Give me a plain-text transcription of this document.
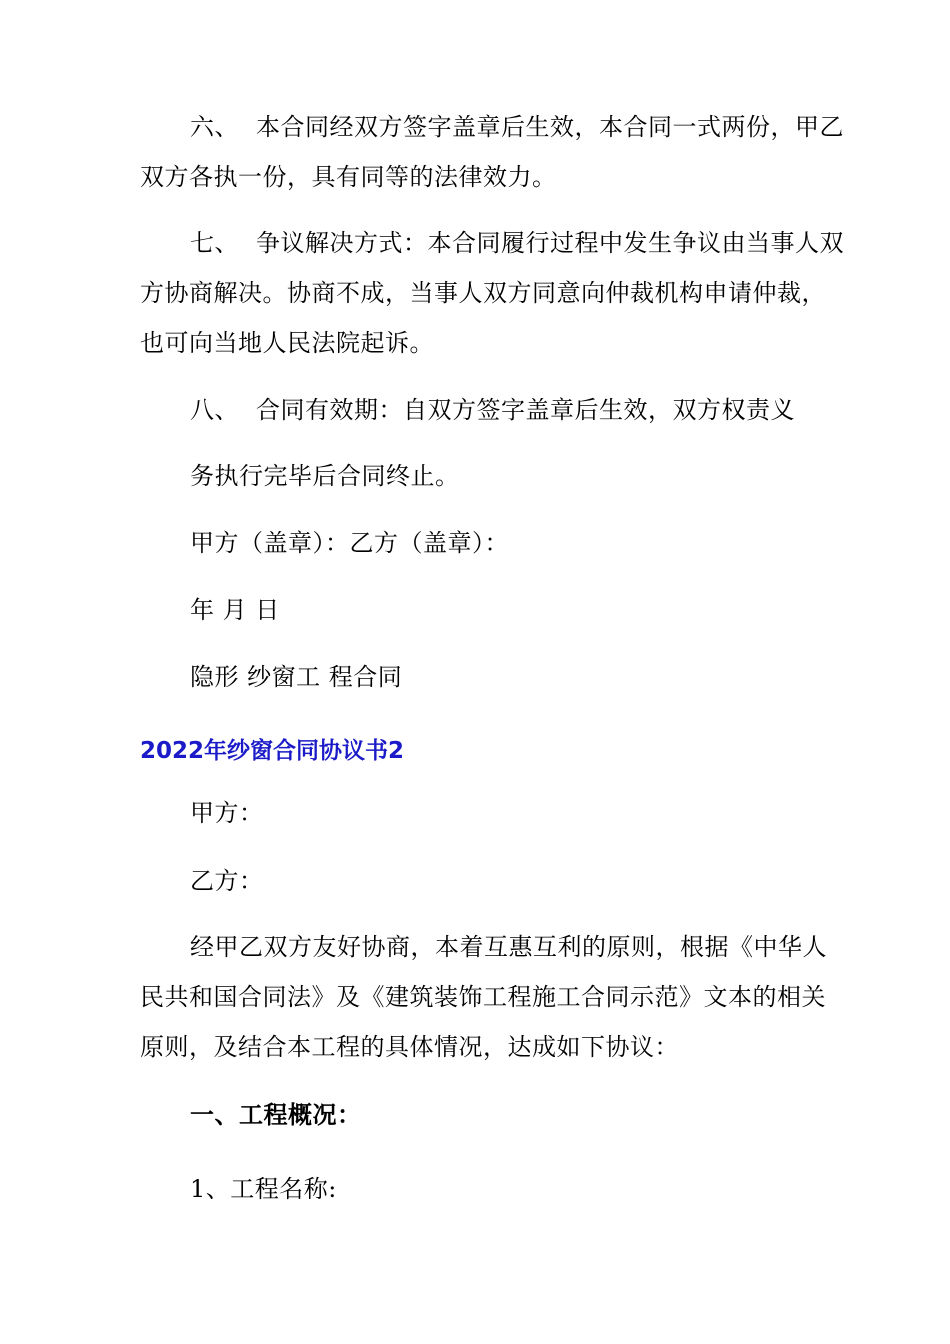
六、 本合同经双方签字盖章后生效，本合同一式两份，甲乙
双方各执一份，具有同等的法律效力。
七、 争议解决方式：本合同履行过程中发生争议由当事人双
方协商解决。协商不成，当事人双方同意向仲裁机构申请仲裁，
也可向当地人民法院起诉。
八、 合同有效期：自双方签字盖章后生效，双方权责义
务执行完毕后合同终止。
甲方（盖章）：乙方（盖章）：
年 月 日
隐形 纱窗工 程合同
2022年纱窗合同协议书2
甲方：
乙方：
经甲乙双方友好协商，本着互惠互利的原则，根据《中华人
民共和国合同法》及《建筑装饰工程施工合同示范》文本的相关
原则，及结合本工程的具体情况，达成如下协议：
一、工程概况：
1、工程名称:
